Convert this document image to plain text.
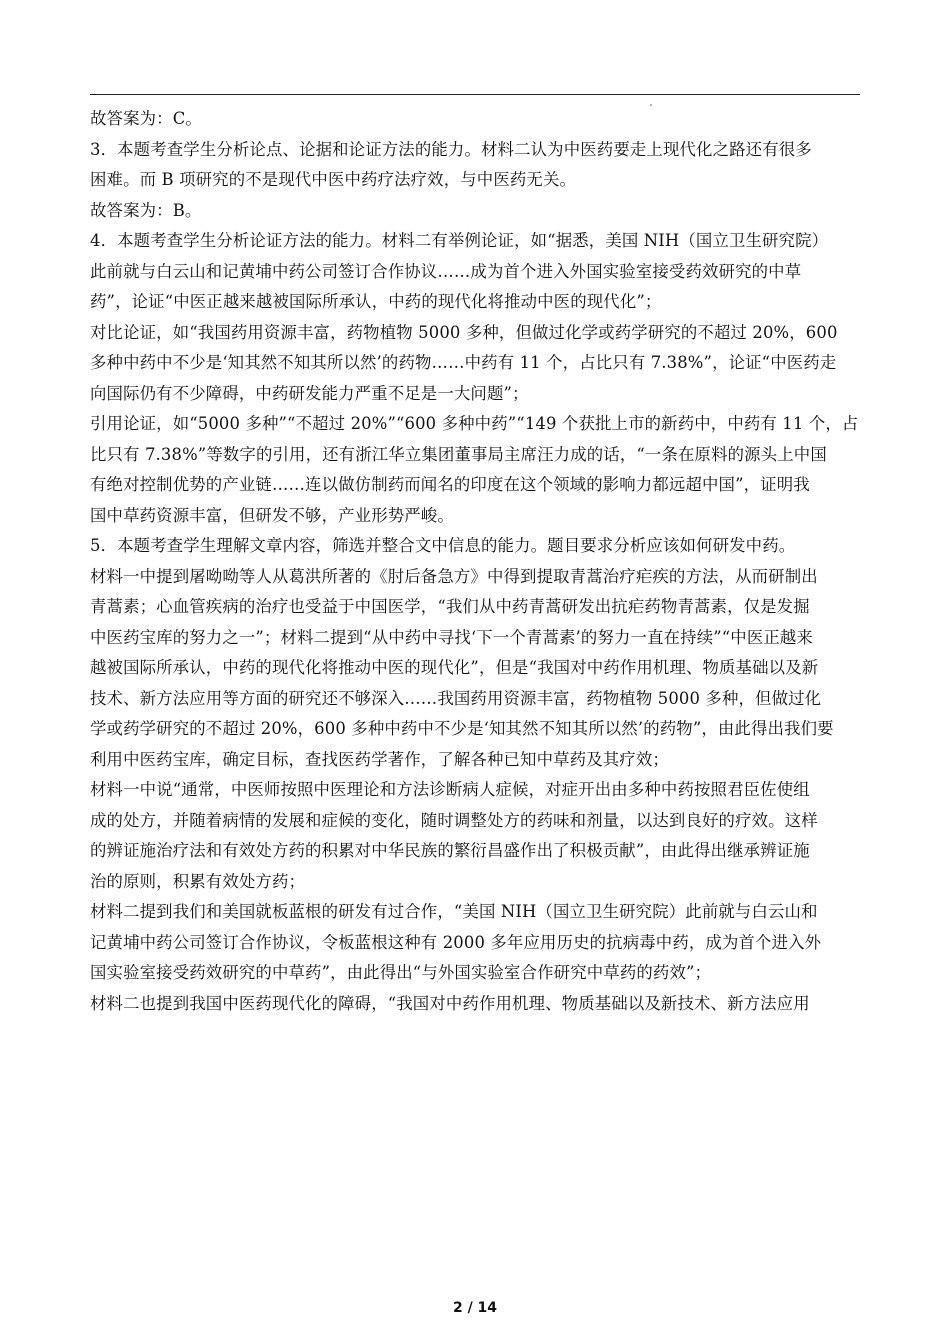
故答案为：C。
3．本题考查学生分析论点、论据和论证方法的能力。材料二认为中医药要走上现代化之路还有很多
困难。而 B 项研究的不是现代中医中药疗法疗效，与中医药无关。
故答案为：B。
4．本题考查学生分析论证方法的能力。材料二有举例论证，如“据悉，美国 NIH（国立卫生研究院）
此前就与白云山和记黄埔中药公司签订合作协议……成为首个进入外国实验室接受药效研究的中草
药”，论证“中医正越来越被国际所承认，中药的现代化将推动中医的现代化”；
对比论证，如“我国药用资源丰富，药物植物 5000 多种，但做过化学或药学研究的不超过 20%，600
多种中药中不少是‘知其然不知其所以然’的药物……中药有 11 个，占比只有 7.38%”，论证“中医药走
向国际仍有不少障碍，中药研发能力严重不足是一大问题”；
引用论证，如“5000 多种”“不超过 20%”“600 多种中药”“149 个获批上市的新药中，中药有 11 个，占
比只有 7.38%”等数字的引用，还有浙江华立集团董事局主席汪力成的话，“一条在原料的源头上中国
有绝对控制优势的产业链……连以做仿制药而闻名的印度在这个领域的影响力都远超中国”，证明我
国中草药资源丰富，但研发不够，产业形势严峻。
5．本题考查学生理解文章内容，筛选并整合文中信息的能力。题目要求分析应该如何研发中药。
材料一中提到屠呦呦等人从葛洪所著的《肘后备急方》中得到提取青蒿治疗疟疾的方法，从而研制出
青蒿素；心血管疾病的治疗也受益于中国医学，“我们从中药青蒿研发出抗疟药物青蒿素，仅是发掘
中医药宝库的努力之一”；材料二提到“从中药中寻找‘下一个青蒿素’的努力一直在持续”“中医正越来
越被国际所承认，中药的现代化将推动中医的现代化”，但是“我国对中药作用机理、物质基础以及新
技术、新方法应用等方面的研究还不够深入……我国药用资源丰富，药物植物 5000 多种，但做过化
学或药学研究的不超过 20%，600 多种中药中不少是‘知其然不知其所以然’的药物”，由此得出我们要
利用中医药宝库，确定目标，查找医药学著作，了解各种已知中草药及其疗效；
材料一中说“通常，中医师按照中医理论和方法诊断病人症候，对症开出由多种中药按照君臣佐使组
成的处方，并随着病情的发展和症候的变化，随时调整处方的药味和剂量，以达到良好的疗效。这样
的辨证施治疗法和有效处方药的积累对中华民族的繁衍昌盛作出了积极贡献”，由此得出继承辨证施
治的原则，积累有效处方药；
材料二提到我们和美国就板蓝根的研发有过合作，“美国 NIH（国立卫生研究院）此前就与白云山和
记黄埔中药公司签订合作协议，令板蓝根这种有 2000 多年应用历史的抗病毒中药，成为首个进入外
国实验室接受药效研究的中草药”，由此得出“与外国实验室合作研究中草药的药效”；
材料二也提到我国中医药现代化的障碍，“我国对中药作用机理、物质基础以及新技术、新方法应用
2 / 14
